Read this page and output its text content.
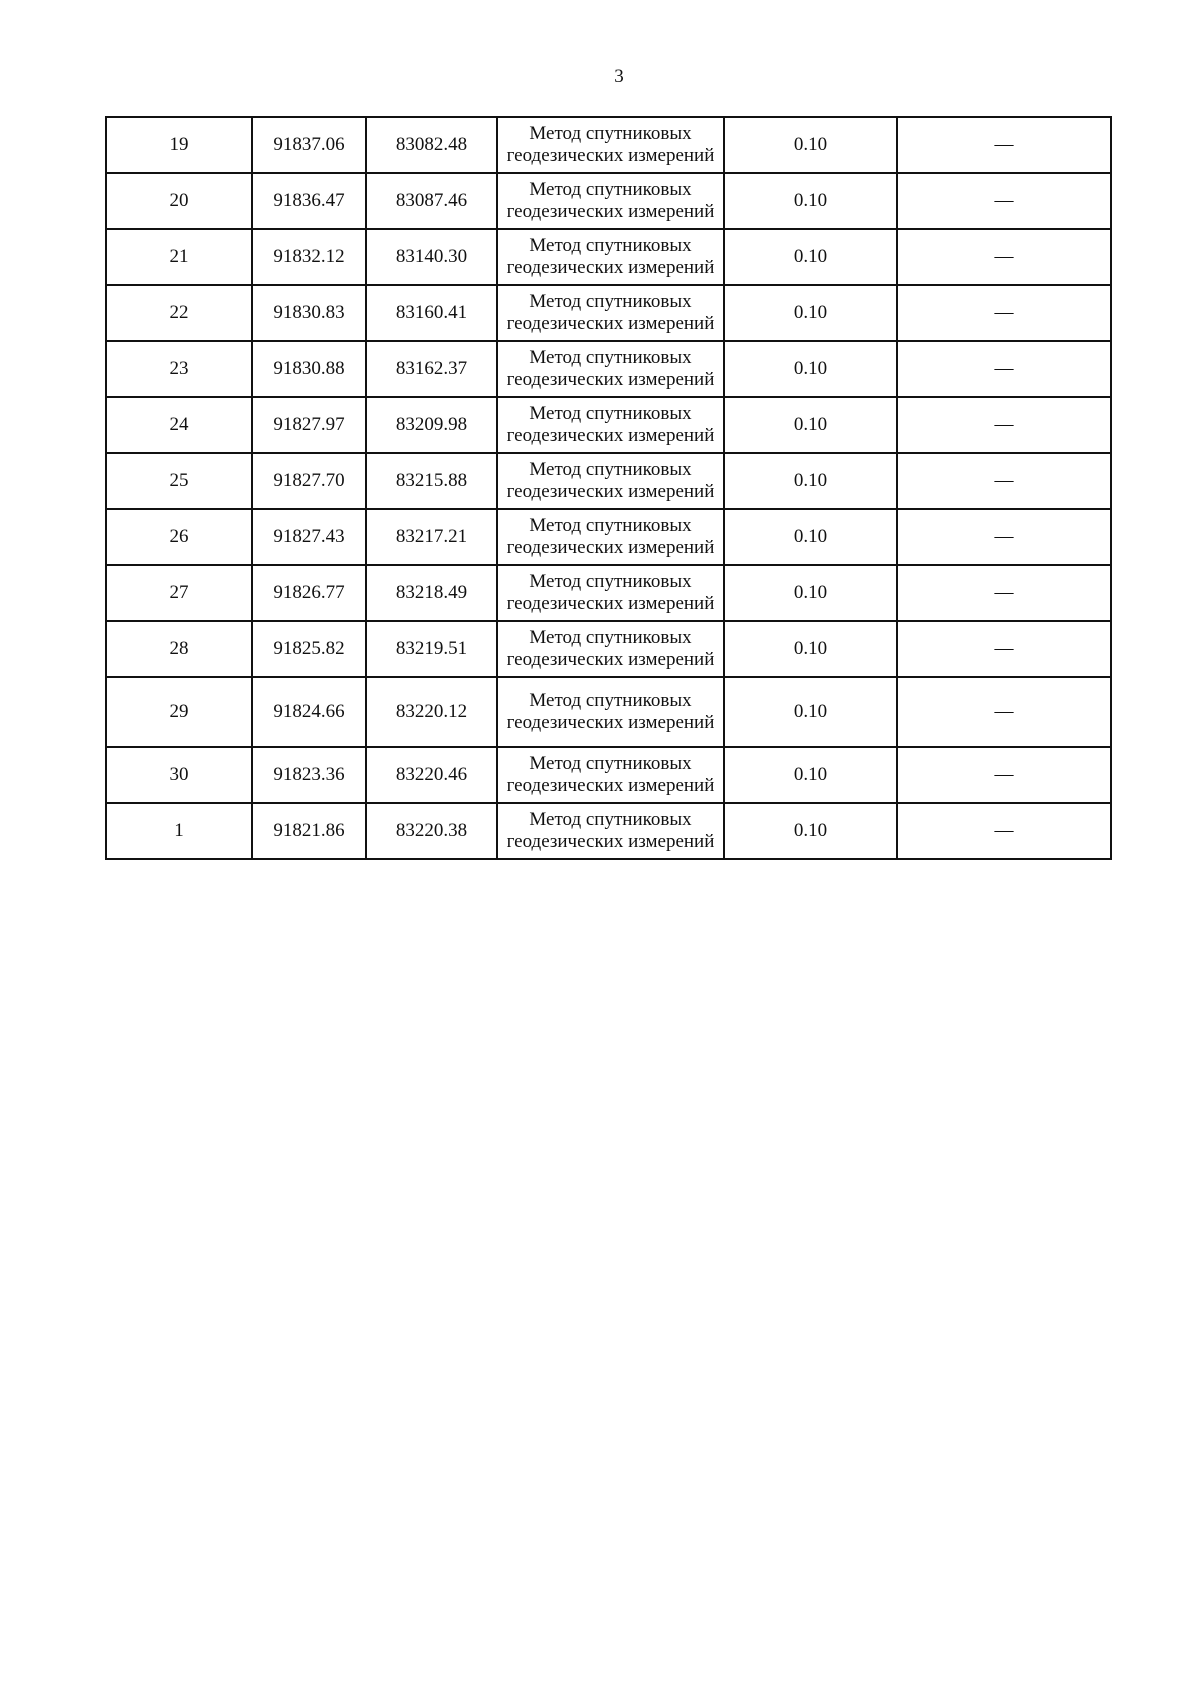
3
19	91837.06	83082.48	Метод спутниковых
геодезических измерений	0.10	—
20	91836.47	83087.46	Метод спутниковых
геодезических измерений	0.10	—
21	91832.12	83140.30	Метод спутниковых
геодезических измерений	0.10	—
22	91830.83	83160.41	Метод спутниковых
геодезических измерений	0.10	—
23	91830.88	83162.37	Метод спутниковых
геодезических измерений	0.10	—
24	91827.97	83209.98	Метод спутниковых
геодезических измерений	0.10	—
25	91827.70	83215.88	Метод спутниковых
геодезических измерений	0.10	—
26	91827.43	83217.21	Метод спутниковых
геодезических измерений	0.10	—
27	91826.77	83218.49	Метод спутниковых
геодезических измерений	0.10	—
28	91825.82	83219.51	Метод спутниковых
геодезических измерений	0.10	—
29	91824.66	83220.12	Метод спутниковых
геодезических измерений	0.10	—
30	91823.36	83220.46	Метод спутниковых
геодезических измерений	0.10	—
1	91821.86	83220.38	Метод спутниковых
геодезических измерений	0.10	—
